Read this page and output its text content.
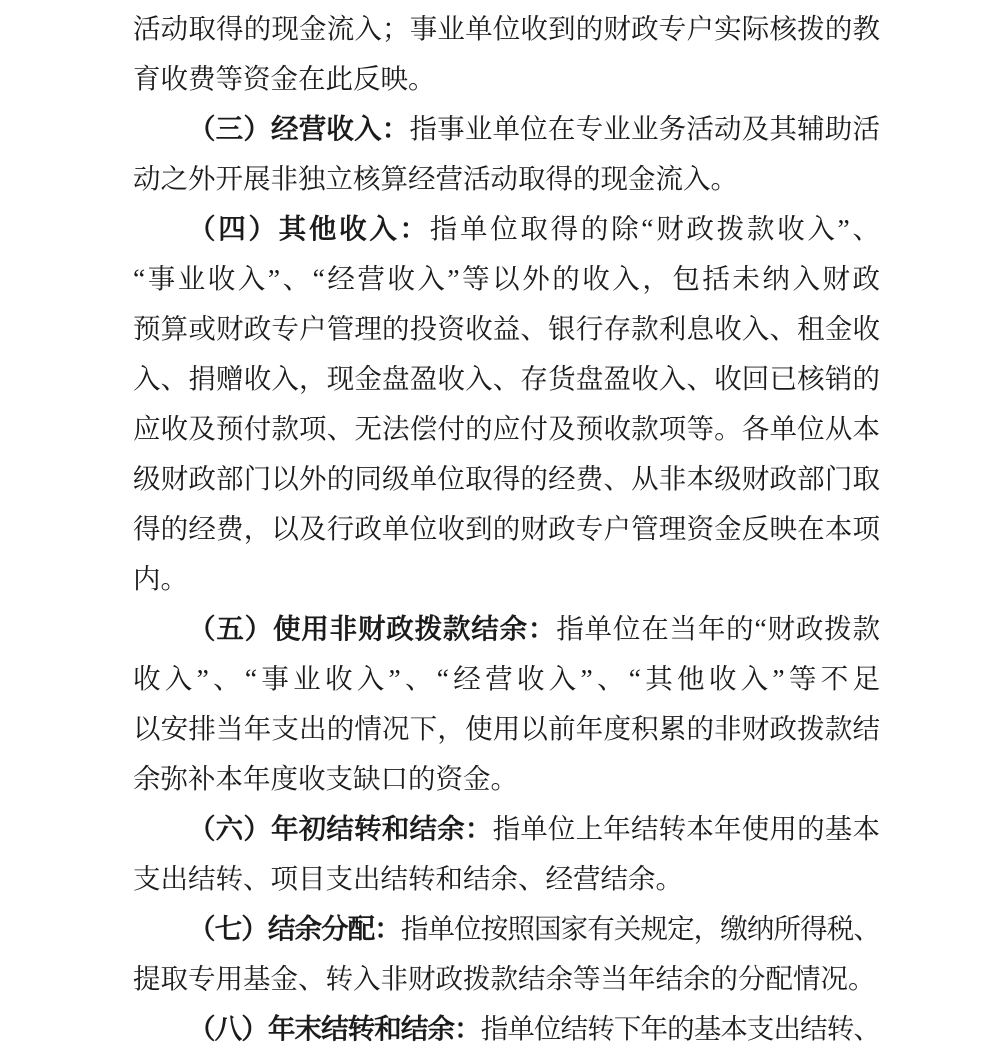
活动取得的现金流入；事业单位收到的财政专户实际核拨的教
育收费等资金在此反映。
（三）经营收入：指事业单位在专业业务活动及其辅助活
动之外开展非独立核算经营活动取得的现金流入。
（四）其他收入：指单位取得的除“财政拨款收入”、
“事业收入”、“经营收入”等以外的收入，包括未纳入财政
预算或财政专户管理的投资收益、银行存款利息收入、租金收
入、捐赠收入，现金盘盈收入、存货盘盈收入、收回已核销的
应收及预付款项、无法偿付的应付及预收款项等。各单位从本
级财政部门以外的同级单位取得的经费、从非本级财政部门取
得的经费，以及行政单位收到的财政专户管理资金反映在本项
内。
（五）使用非财政拨款结余：指单位在当年的“财政拨款
收入”、“事业收入”、“经营收入”、“其他收入”等不足
以安排当年支出的情况下，使用以前年度积累的非财政拨款结
余弥补本年度收支缺口的资金。
（六）年初结转和结余：指单位上年结转本年使用的基本
支出结转、项目支出结转和结余、经营结余。
（七）结余分配：指单位按照国家有关规定，缴纳所得税、
提取专用基金、转入非财政拨款结余等当年结余的分配情况。
（八）年末结转和结余：指单位结转下年的基本支出结转、
